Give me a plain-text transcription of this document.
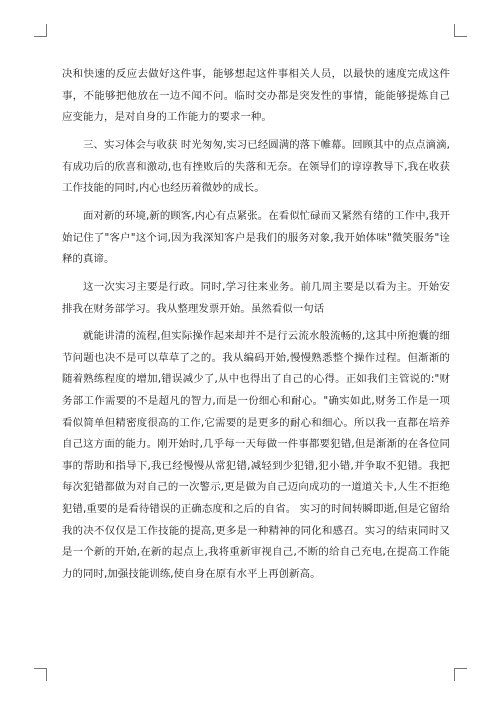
决和快速的反应去做好这件事，能够想起这件事相关人员，以最快的速度完成这件事，不能够把他放在一边不闻不问。临时交办都是突发性的事情，能能够提炼自己应变能力，是对自身的工作能力的要求一种。

三、实习体会与收获 时光匆匆,实习已经圆满的落下帷幕。回顾其中的点点滴滴,有成功后的欣喜和激动,也有挫败后的失落和无奈。在领导们的谆谆教导下,我在收获工作技能的同时,内心也经历着微妙的成长。

面对新的环境,新的顾客,内心有点紧张。在看似忙碌而又紧然有绪的工作中,我开始记住了"客户"这个词,因为我深知客户是我们的服务对象,我开始体味"微笑服务"诠释的真谛。

这一次实习主要是行政。同时,学习往来业务。前几周主要是以看为主。开始安排我在财务部学习。我从整理发票开始。虽然看似一句话

就能讲清的流程,但实际操作起来却并不是行云流水般流畅的,这其中所抱囊的细节问题也决不是可以草草了之的。我从编码开始,慢慢熟悉整个操作过程。但渐渐的随着熟练程度的增加,错误减少了,从中也得出了自己的心得。正如我们主管说的:"财务部工作需要的不是超凡的智力,而是一份细心和耐心。"确实如此,财务工作是一项看似简单但精密度很高的工作,它需要的是更多的耐心和细心。所以我一直都在培养自己这方面的能力。刚开始时,几乎每一天每做一件事都要犯错,但是渐渐的在各位同事的帮助和指导下,我已经慢慢从常犯错,减轻到少犯错,犯小错,并争取不犯错。我把每次犯错都做为对自己的一次警示,更是做为自己迈向成功的一道道关卡,人生不拒绝犯错,重要的是看待错误的正确态度和之后的自省。 实习的时间转瞬即逝,但是它留给我的决不仅仅是工作技能的提高,更多是一种精神的同化和感召。实习的结束同时又是一个新的开始,在新的起点上,我将重新审视自己,不断的给自己充电,在提高工作能力的同时,加强技能训练,使自身在原有水平上再创新高。
